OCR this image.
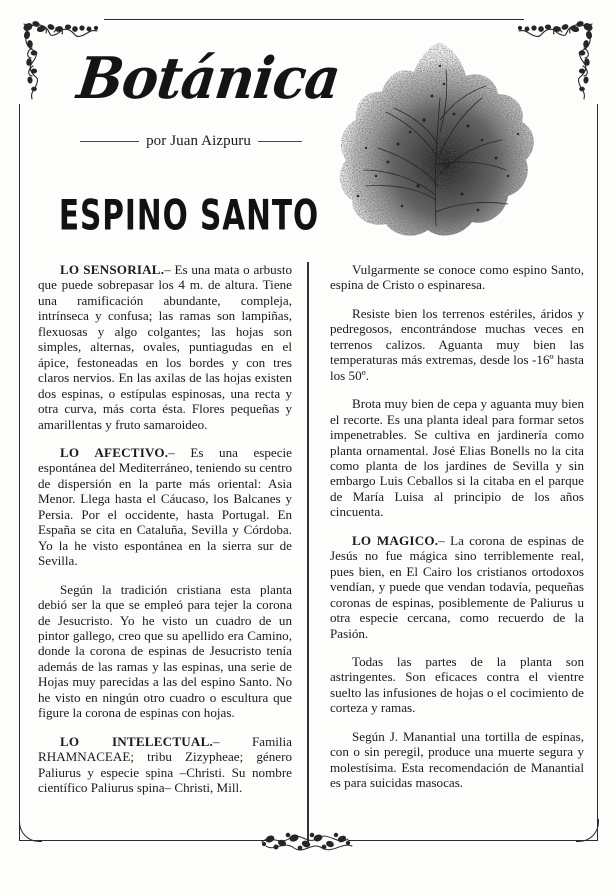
Botánica
por Juan Aizpuru
ESPINO SANTO

LO SENSORIAL.– Es una mata o arbusto que puede sobrepasar los 4 m. de altura. Tiene una ramificación abundante, compleja, intrínseca y confusa; las ramas son lampiñas, flexuosas y algo colgantes; las hojas son simples, alternas, ovales, puntiagudas en el ápice, festoneadas en los bordes y con tres claros nervios. En las axilas de las hojas existen dos espinas, o estípulas espinosas, una recta y otra curva, más corta ésta. Flores pequeñas y amarillentas y fruto samaroideo.

LO AFECTIVO.– Es una especie espontánea del Mediterráneo, teniendo su centro de dispersión en la parte más oriental: Asia Menor. Llega hasta el Cáucaso, los Balcanes y Persia. Por el occidente, hasta Portugal. En España se cita en Cataluña, Sevilla y Córdoba. Yo la he visto espontánea en la sierra sur de Sevilla.

Según la tradición cristiana esta planta debió ser la que se empleó para tejer la corona de Jesucristo. Yo he visto un cuadro de un pintor gallego, creo que su apellido era Camino, donde la corona de espinas de Jesucristo tenía además de las ramas y las espinas, una serie de Hojas muy parecidas a las del espino Santo. No he visto en ningún otro cuadro o escultura que figure la corona de espinas con hojas.

LO INTELECTUAL.– Familia RHAMNACEAE; tribu Zizypheae; género Paliurus y especie spina –Christi. Su nombre científico Paliurus spina– Christi, Mill.

Vulgarmente se conoce como espino Santo, espina de Cristo o espinaresa.

Resiste bien los terrenos estériles, áridos y pedregosos, encontrándose muchas veces en terrenos calizos. Aguanta muy bien las temperaturas más extremas, desde los -16º hasta los 50º.

Brota muy bien de cepa y aguanta muy bien el recorte. Es una planta ideal para formar setos impenetrables. Se cultiva en jardinería como planta ornamental. José Elias Bonells no la cita como planta de los jardines de Sevilla y sin embargo Luis Ceballos si la citaba en el parque de María Luisa al principio de los años cincuenta.

LO MAGICO.– La corona de espinas de Jesús no fue mágica sino terriblemente real, pues bien, en El Cairo los cristianos ortodoxos vendían, y puede que vendan todavía, pequeñas coronas de espinas, posiblemente de Paliurus u otra especie cercana, como recuerdo de la Pasión.

Todas las partes de la planta son astringentes. Son eficaces contra el vientre suelto las infusiones de hojas o el cocimiento de corteza y ramas.

Según J. Manantial una tortilla de espinas, con o sin peregil, produce una muerte segura y molestísima. Esta recomendación de Manantial es para suicidas masocas.
